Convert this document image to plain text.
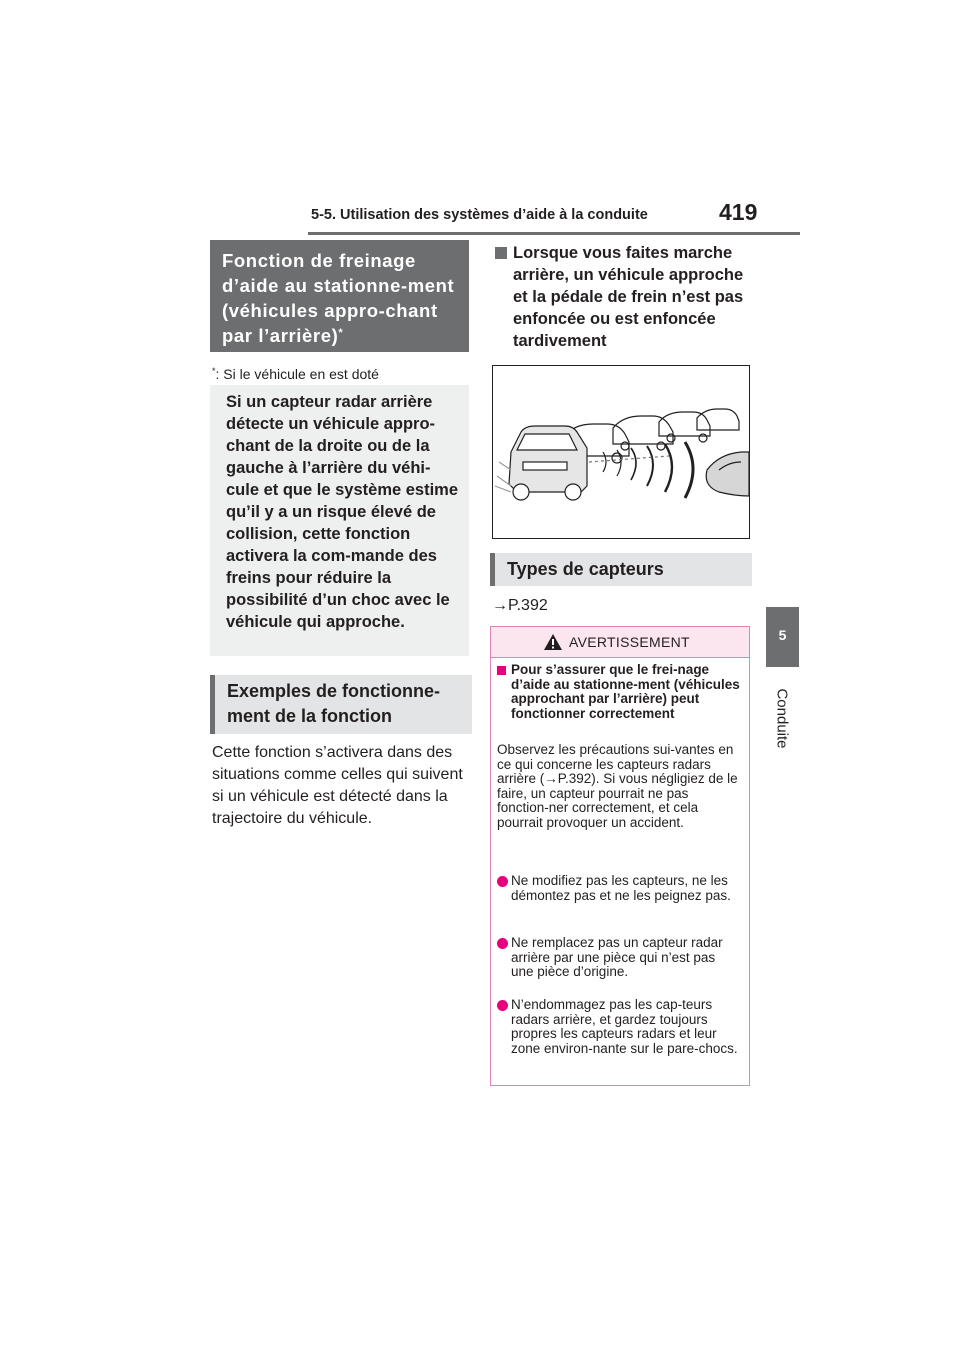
5-5. Utilisation des systèmes d’aide à la conduite	419
5
Conduite
Fonction de freinage d’aide au stationne-ment (véhicules appro-chant par l’arrière)*
*: Si le véhicule en est doté
Si un capteur radar arrière détecte un véhicule appro-chant de la droite ou de la gauche à l’arrière du véhi-cule et que le système estime qu’il y a un risque élevé de collision, cette fonction activera la com-mande des freins pour réduire la possibilité d’un choc avec le véhicule qui approche.
Exemples de fonctionne-ment de la fonction
Cette fonction s’activera dans des situations comme celles qui suivent si un véhicule est détecté dans la trajectoire du véhicule.
Lorsque vous faites marche arrière, un véhicule approche et la pédale de frein n’est pas enfoncée ou est enfoncée tardivement
Types de capteurs
→P.392
AVERTISSEMENT
Pour s’assurer que le frei-nage d’aide au stationne-ment (véhicules approchant par l’arrière) peut fonctionner correctement
Observez les précautions sui-vantes en ce qui concerne les capteurs radars arrière (→P.392). Si vous négligiez de le faire, un capteur pourrait ne pas fonction-ner correctement, et cela pourrait provoquer un accident.
Ne modifiez pas les capteurs, ne les démontez pas et ne les peignez pas.
Ne remplacez pas un capteur radar arrière par une pièce qui n’est pas une pièce d’origine.
N’endommagez pas les cap-teurs radars arrière, et gardez toujours propres les capteurs radars et leur zone environ-nante sur le pare-chocs.
